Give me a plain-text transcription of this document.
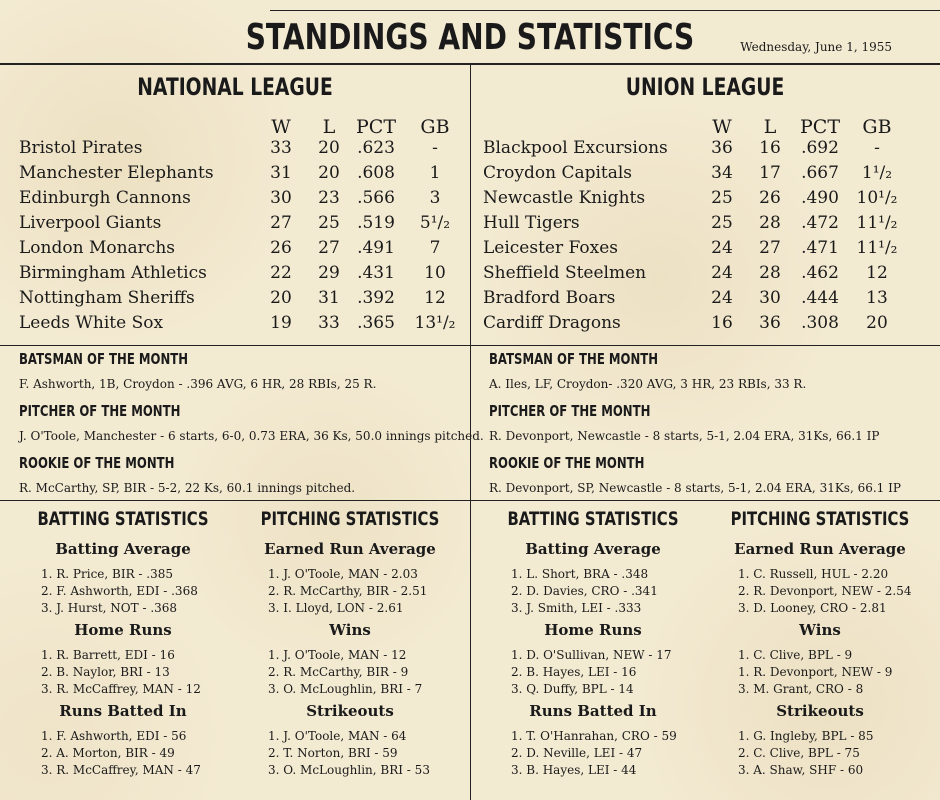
STANDINGS AND STATISTICS	Wednesday, June 1, 1955
NATIONAL LEAGUE
W	L	PCT	GB
Bristol Pirates	33	20	.623	-
Manchester Elephants	31	20	.608	1
Edinburgh Cannons	30	23	.566	3
Liverpool Giants	27	25	.519	5¹/₂
London Monarchs	26	27	.491	7
Birmingham Athletics	22	29	.431	10
Nottingham Sheriffs	20	31	.392	12
Leeds White Sox	19	33	.365	13¹/₂
BATSMAN OF THE MONTH
F. Ashworth, 1B, Croydon - .396 AVG, 6 HR, 28 RBIs, 25 R.
PITCHER OF THE MONTH
J. O'Toole, Manchester - 6 starts, 6-0, 0.73 ERA, 36 Ks, 50.0 innings pitched.
ROOKIE OF THE MONTH
R. McCarthy, SP, BIR - 5-2, 22 Ks, 60.1 innings pitched.
BATTING STATISTICS
Batting Average
1. R. Price, BIR - .385
2. F. Ashworth, EDI - .368
3. J. Hurst, NOT - .368
Home Runs
1. R. Barrett, EDI - 16
2. B. Naylor, BRI - 13
3. R. McCaffrey, MAN - 12
Runs Batted In
1. F. Ashworth, EDI - 56
2. A. Morton, BIR - 49
3. R. McCaffrey, MAN - 47
PITCHING STATISTICS
Earned Run Average
1. J. O'Toole, MAN - 2.03
2. R. McCarthy, BIR - 2.51
3. I. Lloyd, LON - 2.61
Wins
1. J. O'Toole, MAN - 12
2. R. McCarthy, BIR - 9
3. O. McLoughlin, BRI - 7
Strikeouts
1. J. O'Toole, MAN - 64
2. T. Norton, BRI - 59
3. O. McLoughlin, BRI - 53
UNION LEAGUE
W	L	PCT	GB
Blackpool Excursions	36	16	.692	-
Croydon Capitals	34	17	.667	1¹/₂
Newcastle Knights	25	26	.490	10¹/₂
Hull Tigers	25	28	.472	11¹/₂
Leicester Foxes	24	27	.471	11¹/₂
Sheffield Steelmen	24	28	.462	12
Bradford Boars	24	30	.444	13
Cardiff Dragons	16	36	.308	20
BATSMAN OF THE MONTH
A. Iles, LF, Croydon- .320 AVG, 3 HR, 23 RBIs, 33 R.
PITCHER OF THE MONTH
R. Devonport, Newcastle - 8 starts, 5-1, 2.04 ERA, 31Ks, 66.1 IP
ROOKIE OF THE MONTH
R. Devonport, SP, Newcastle - 8 starts, 5-1, 2.04 ERA, 31Ks, 66.1 IP
BATTING STATISTICS
Batting Average
1. L. Short, BRA - .348
2. D. Davies, CRO - .341
3. J. Smith, LEI - .333
Home Runs
1. D. O'Sullivan, NEW - 17
2. B. Hayes, LEI - 16
3. Q. Duffy, BPL - 14
Runs Batted In
1. T. O'Hanrahan, CRO - 59
2. D. Neville, LEI - 47
3. B. Hayes, LEI - 44
PITCHING STATISTICS
Earned Run Average
1. C. Russell, HUL - 2.20
2. R. Devonport, NEW - 2.54
3. D. Looney, CRO - 2.81
Wins
1. C. Clive, BPL - 9
1. R. Devonport, NEW - 9
3. M. Grant, CRO - 8
Strikeouts
1. G. Ingleby, BPL - 85
2. C. Clive, BPL - 75
3. A. Shaw, SHF - 60
